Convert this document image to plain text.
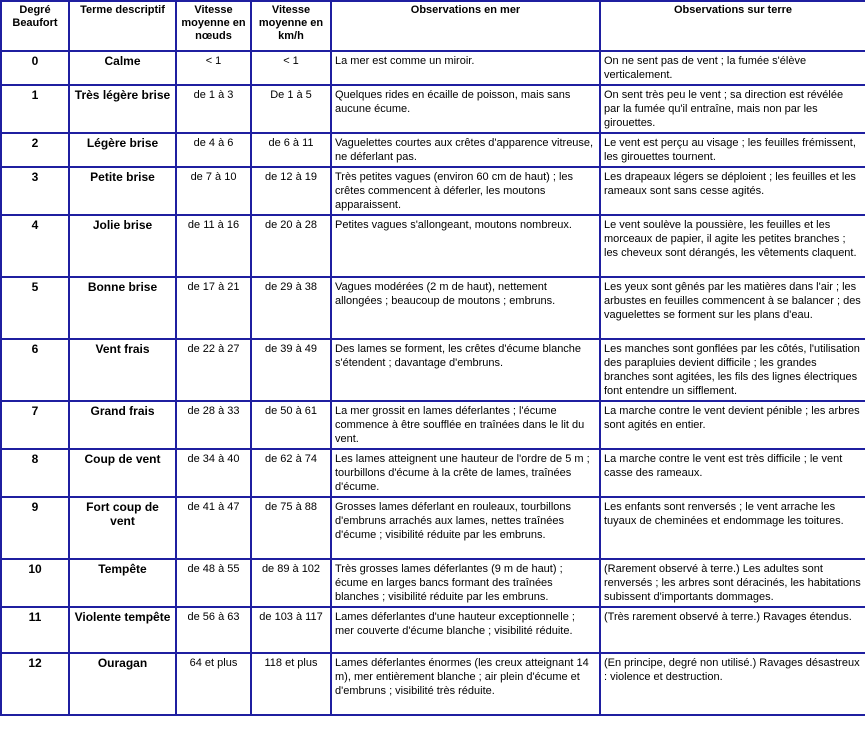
Degré Beaufort	Terme descriptif	Vitesse moyenne en nœuds	Vitesse moyenne en km/h	Observations en mer	Observations sur terre
0	Calme	< 1	< 1	La mer est comme un miroir.	On ne sent pas de vent ; la fumée s'élève verticalement.
1	Très légère brise	de 1 à 3	De 1 à 5	Quelques rides en écaille de poisson, mais sans aucune écume.	On sent très peu le vent ; sa direction est révélée par la fumée qu'il entraîne, mais non par les girouettes.
2	Légère brise	de 4 à 6	de 6 à 11	Vaguelettes courtes aux crêtes d'apparence vitreuse, ne déferlant pas.	Le vent est perçu au visage ; les feuilles frémissent, les girouettes tournent.
3	Petite brise	de 7 à 10	de 12 à 19	Très petites vagues (environ 60 cm de haut) ; les crêtes commencent à déferler, les moutons apparaissent.	Les drapeaux légers se déploient ; les feuilles et les rameaux sont sans cesse agités.
4	Jolie brise	de 11 à 16	de 20 à 28	Petites vagues s'allongeant, moutons nombreux.	Le vent soulève la poussière, les feuilles et les morceaux de papier, il agite les petites branches ; les cheveux sont dérangés, les vêtements claquent.
5	Bonne brise	de 17 à 21	de 29 à 38	Vagues modérées (2 m de haut), nettement allongées ; beaucoup de moutons ; embruns.	Les yeux sont gênés par les matières dans l'air ; les arbustes en feuilles commencent à se balancer ; des vaguelettes se forment sur les plans d'eau.
6	Vent frais	de 22 à 27	de 39 à 49	Des lames se forment, les crêtes d'écume blanche s'étendent ; davantage d'embruns.	Les manches sont gonflées par les côtés, l'utilisation des parapluies devient difficile ; les grandes branches sont agitées, les fils des lignes électriques font entendre un sifflement.
7	Grand frais	de 28 à 33	de 50 à 61	La mer grossit en lames déferlantes ; l'écume commence à être soufflée en traînées dans le lit du vent.	La marche contre le vent devient pénible ; les arbres sont agités en entier.
8	Coup de vent	de 34 à 40	de 62 à 74	Les lames atteignent une hauteur de l'ordre de 5 m ; tourbillons d'écume à la crête de lames, traînées d'écume.	La marche contre le vent est très difficile ; le vent casse des rameaux.
9	Fort coup de vent	de 41 à 47	de 75 à 88	Grosses lames déferlant en rouleaux, tourbillons d'embruns arrachés aux lames, nettes traînées d'écume ; visibilité réduite par les embruns.	Les enfants sont renversés ; le vent arrache les tuyaux de cheminées et endommage les toitures.
10	Tempête	de 48 à 55	de 89 à 102	Très grosses lames déferlantes (9 m de haut) ; écume en larges bancs formant des traînées blanches ; visibilité réduite par les embruns.	(Rarement observé à terre.) Les adultes sont renversés ; les arbres sont déracinés, les habitations subissent d'importants dommages.
11	Violente tempête	de 56 à 63	de 103 à 117	Lames déferlantes d'une hauteur exceptionnelle ; mer couverte d'écume blanche ; visibilité réduite.	(Très rarement observé à terre.) Ravages étendus.
12	Ouragan	64 et plus	118 et plus	Lames déferlantes énormes (les creux atteignant 14 m), mer entièrement blanche ; air plein d'écume et d'embruns ; visibilité très réduite.	(En principe, degré non utilisé.) Ravages désastreux : violence et destruction.
